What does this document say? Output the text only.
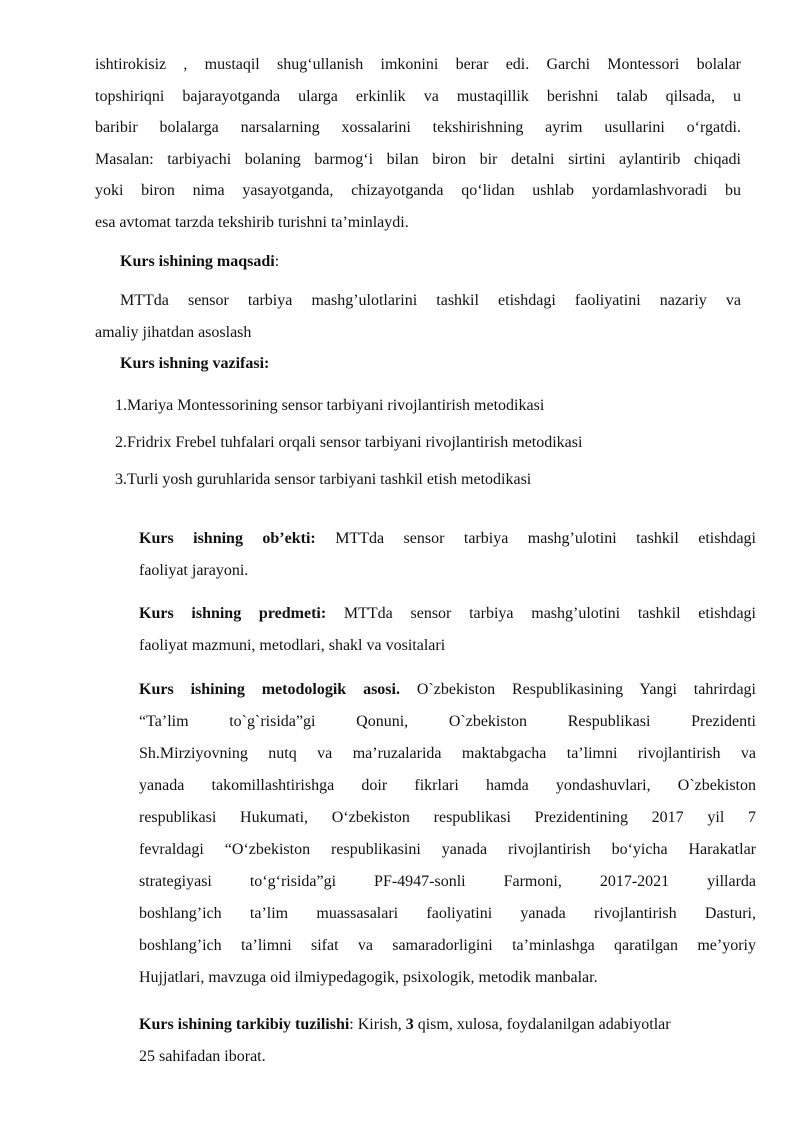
ishtirokisiz , mustaqil shug‘ullanish imkonini berar edi. Garchi Montessori bolalar
topshiriqni bajarayotganda ularga erkinlik va mustaqillik berishni talab qilsada, u
baribir bolalarga narsalarning xossalarini tekshirishning ayrim usullarini o‘rgatdi.
Masalan: tarbiyachi bolaning barmog‘i bilan biron bir detalni sirtini aylantirib chiqadi
yoki biron nima yasayotganda, chizayotganda qo‘lidan ushlab yordamlashvoradi bu
esa avtomat tarzda tekshirib turishni ta’minlaydi.
Kurs ishining maqsadi:
MTTda sensor tarbiya mashg’ulotlarini tashkil etishdagi faoliyatini nazariy va
amaliy jihatdan asoslash
Kurs ishning vazifasi:
1.Mariya Montessorining sensor tarbiyani rivojlantirish metodikasi
2.Fridrix Frebel tuhfalari orqali sensor tarbiyani rivojlantirish metodikasi
3.Turli yosh guruhlarida sensor tarbiyani tashkil etish metodikasi
Kurs ishning ob’ekti: MTTda sensor tarbiya mashg’ulotini tashkil etishdagi
faoliyat jarayoni.
Kurs ishning predmeti: MTTda sensor tarbiya mashg’ulotini tashkil etishdagi
faoliyat mazmuni, metodlari, shakl va vositalari
Kurs ishining metodologik asosi. O`zbekiston Respublikasining Yangi tahrirdagi
“Ta’lim to`g`risida”gi Qonuni, O`zbekiston Respublikasi Prezidenti
Sh.Mirziyovning nutq va ma’ruzalarida maktabgacha ta’limni rivojlantirish va
yanada takomillashtirishga doir fikrlari hamda yondashuvlari, O`zbekiston
respublikasi Hukumati, O‘zbekiston respublikasi Prezidentining 2017 yil 7
fevraldagi “O‘zbekiston respublikasini yanada rivojlantirish bo‘yicha Harakatlar
strategiyasi to‘g‘risida”gi PF-4947-sonli Farmoni, 2017-2021 yillarda
boshlang’ich ta’lim muassasalari faoliyatini yanada rivojlantirish Dasturi,
boshlang’ich ta’limni sifat va samaradorligini ta’minlashga qaratilgan me’yoriy
Hujjatlari, mavzuga oid ilmiypedagogik, psixologik, metodik manbalar.
Kurs ishining tarkibiy tuzilishi: Kirish, 3 qism, xulosa, foydalanilgan adabiyotlar
25 sahifadan iborat.
